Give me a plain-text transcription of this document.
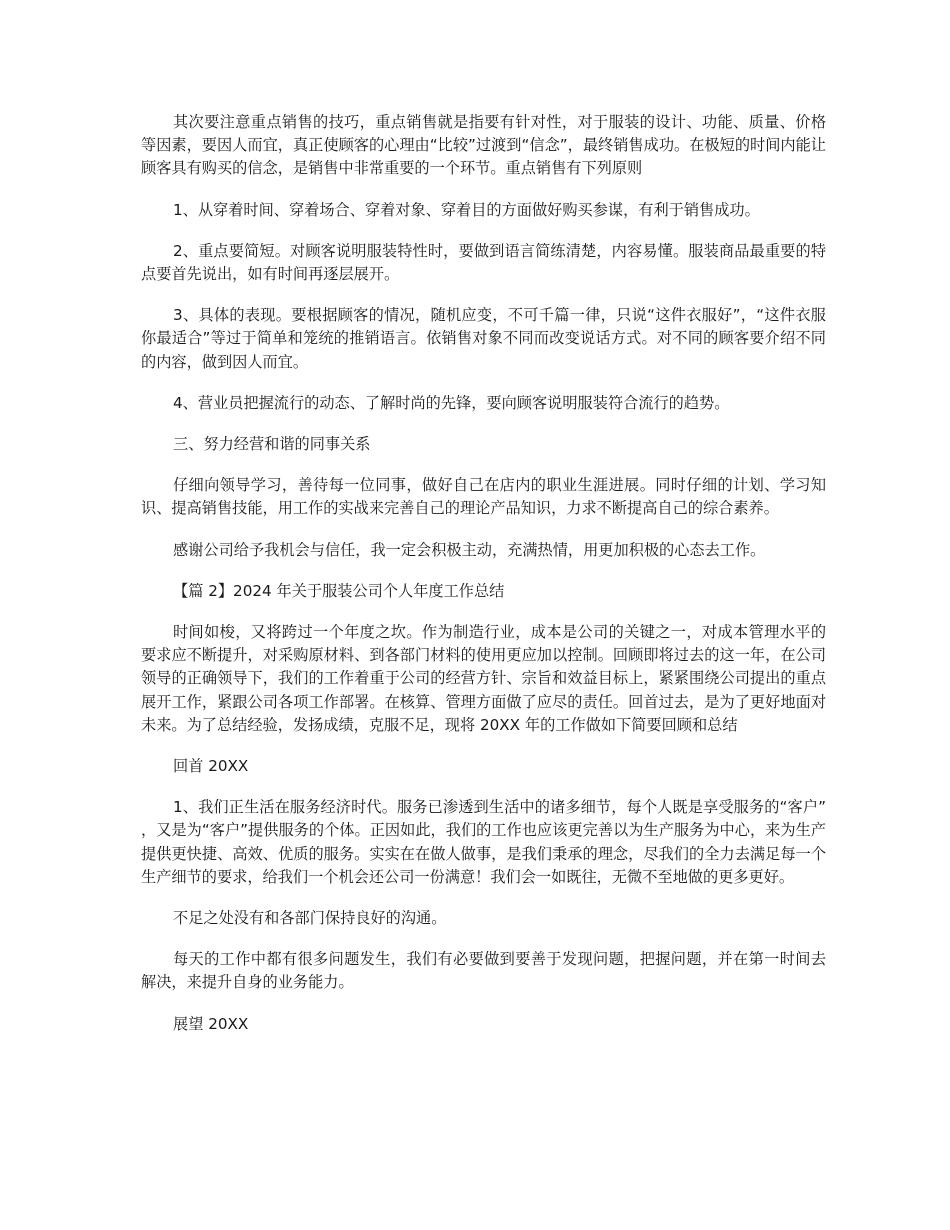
其次要注意重点销售的技巧，重点销售就是指要有针对性，对于服装的设计、功能、质量、价格等因素，要因人而宜，真正使顾客的心理由“比较”过渡到“信念”，最终销售成功。在极短的时间内能让顾客具有购买的信念，是销售中非常重要的一个环节。重点销售有下列原则

1、从穿着时间、穿着场合、穿着对象、穿着目的方面做好购买参谋，有利于销售成功。

2、重点要简短。对顾客说明服装特性时，要做到语言简练清楚，内容易懂。服装商品最重要的特点要首先说出，如有时间再逐层展开。

3、具体的表现。要根据顾客的情况，随机应变，不可千篇一律，只说“这件衣服好”，“这件衣服你最适合”等过于简单和笼统的推销语言。依销售对象不同而改变说话方式。对不同的顾客要介绍不同的内容，做到因人而宜。

4、营业员把握流行的动态、了解时尚的先锋，要向顾客说明服装符合流行的趋势。

三、努力经营和谐的同事关系

仔细向领导学习，善待每一位同事，做好自己在店内的职业生涯进展。同时仔细的计划、学习知识、提高销售技能，用工作的实战来完善自己的理论产品知识，力求不断提高自己的综合素养。

感谢公司给予我机会与信任，我一定会积极主动，充满热情，用更加积极的心态去工作。

【篇 2】2024 年关于服装公司个人年度工作总结

时间如梭，又将跨过一个年度之坎。作为制造行业，成本是公司的关键之一，对成本管理水平的要求应不断提升，对采购原材料、到各部门材料的使用更应加以控制。回顾即将过去的这一年，在公司领导的正确领导下，我们的工作着重于公司的经营方针、宗旨和效益目标上，紧紧围绕公司提出的重点展开工作，紧跟公司各项工作部署。在核算、管理方面做了应尽的责任。回首过去，是为了更好地面对未来。为了总结经验，发扬成绩，克服不足，现将 20XX 年的工作做如下简要回顾和总结

回首 20XX

1、我们正生活在服务经济时代。服务已渗透到生活中的诸多细节，每个人既是享受服务的“客户”，又是为“客户”提供服务的个体。正因如此，我们的工作也应该更完善以为生产服务为中心，来为生产提供更快捷、高效、优质的服务。实实在在做人做事，是我们秉承的理念，尽我们的全力去满足每一个生产细节的要求，给我们一个机会还公司一份满意！我们会一如既往，无微不至地做的更多更好。

不足之处没有和各部门保持良好的沟通。

每天的工作中都有很多问题发生，我们有必要做到要善于发现问题，把握问题，并在第一时间去解决，来提升自身的业务能力。

展望 20XX
